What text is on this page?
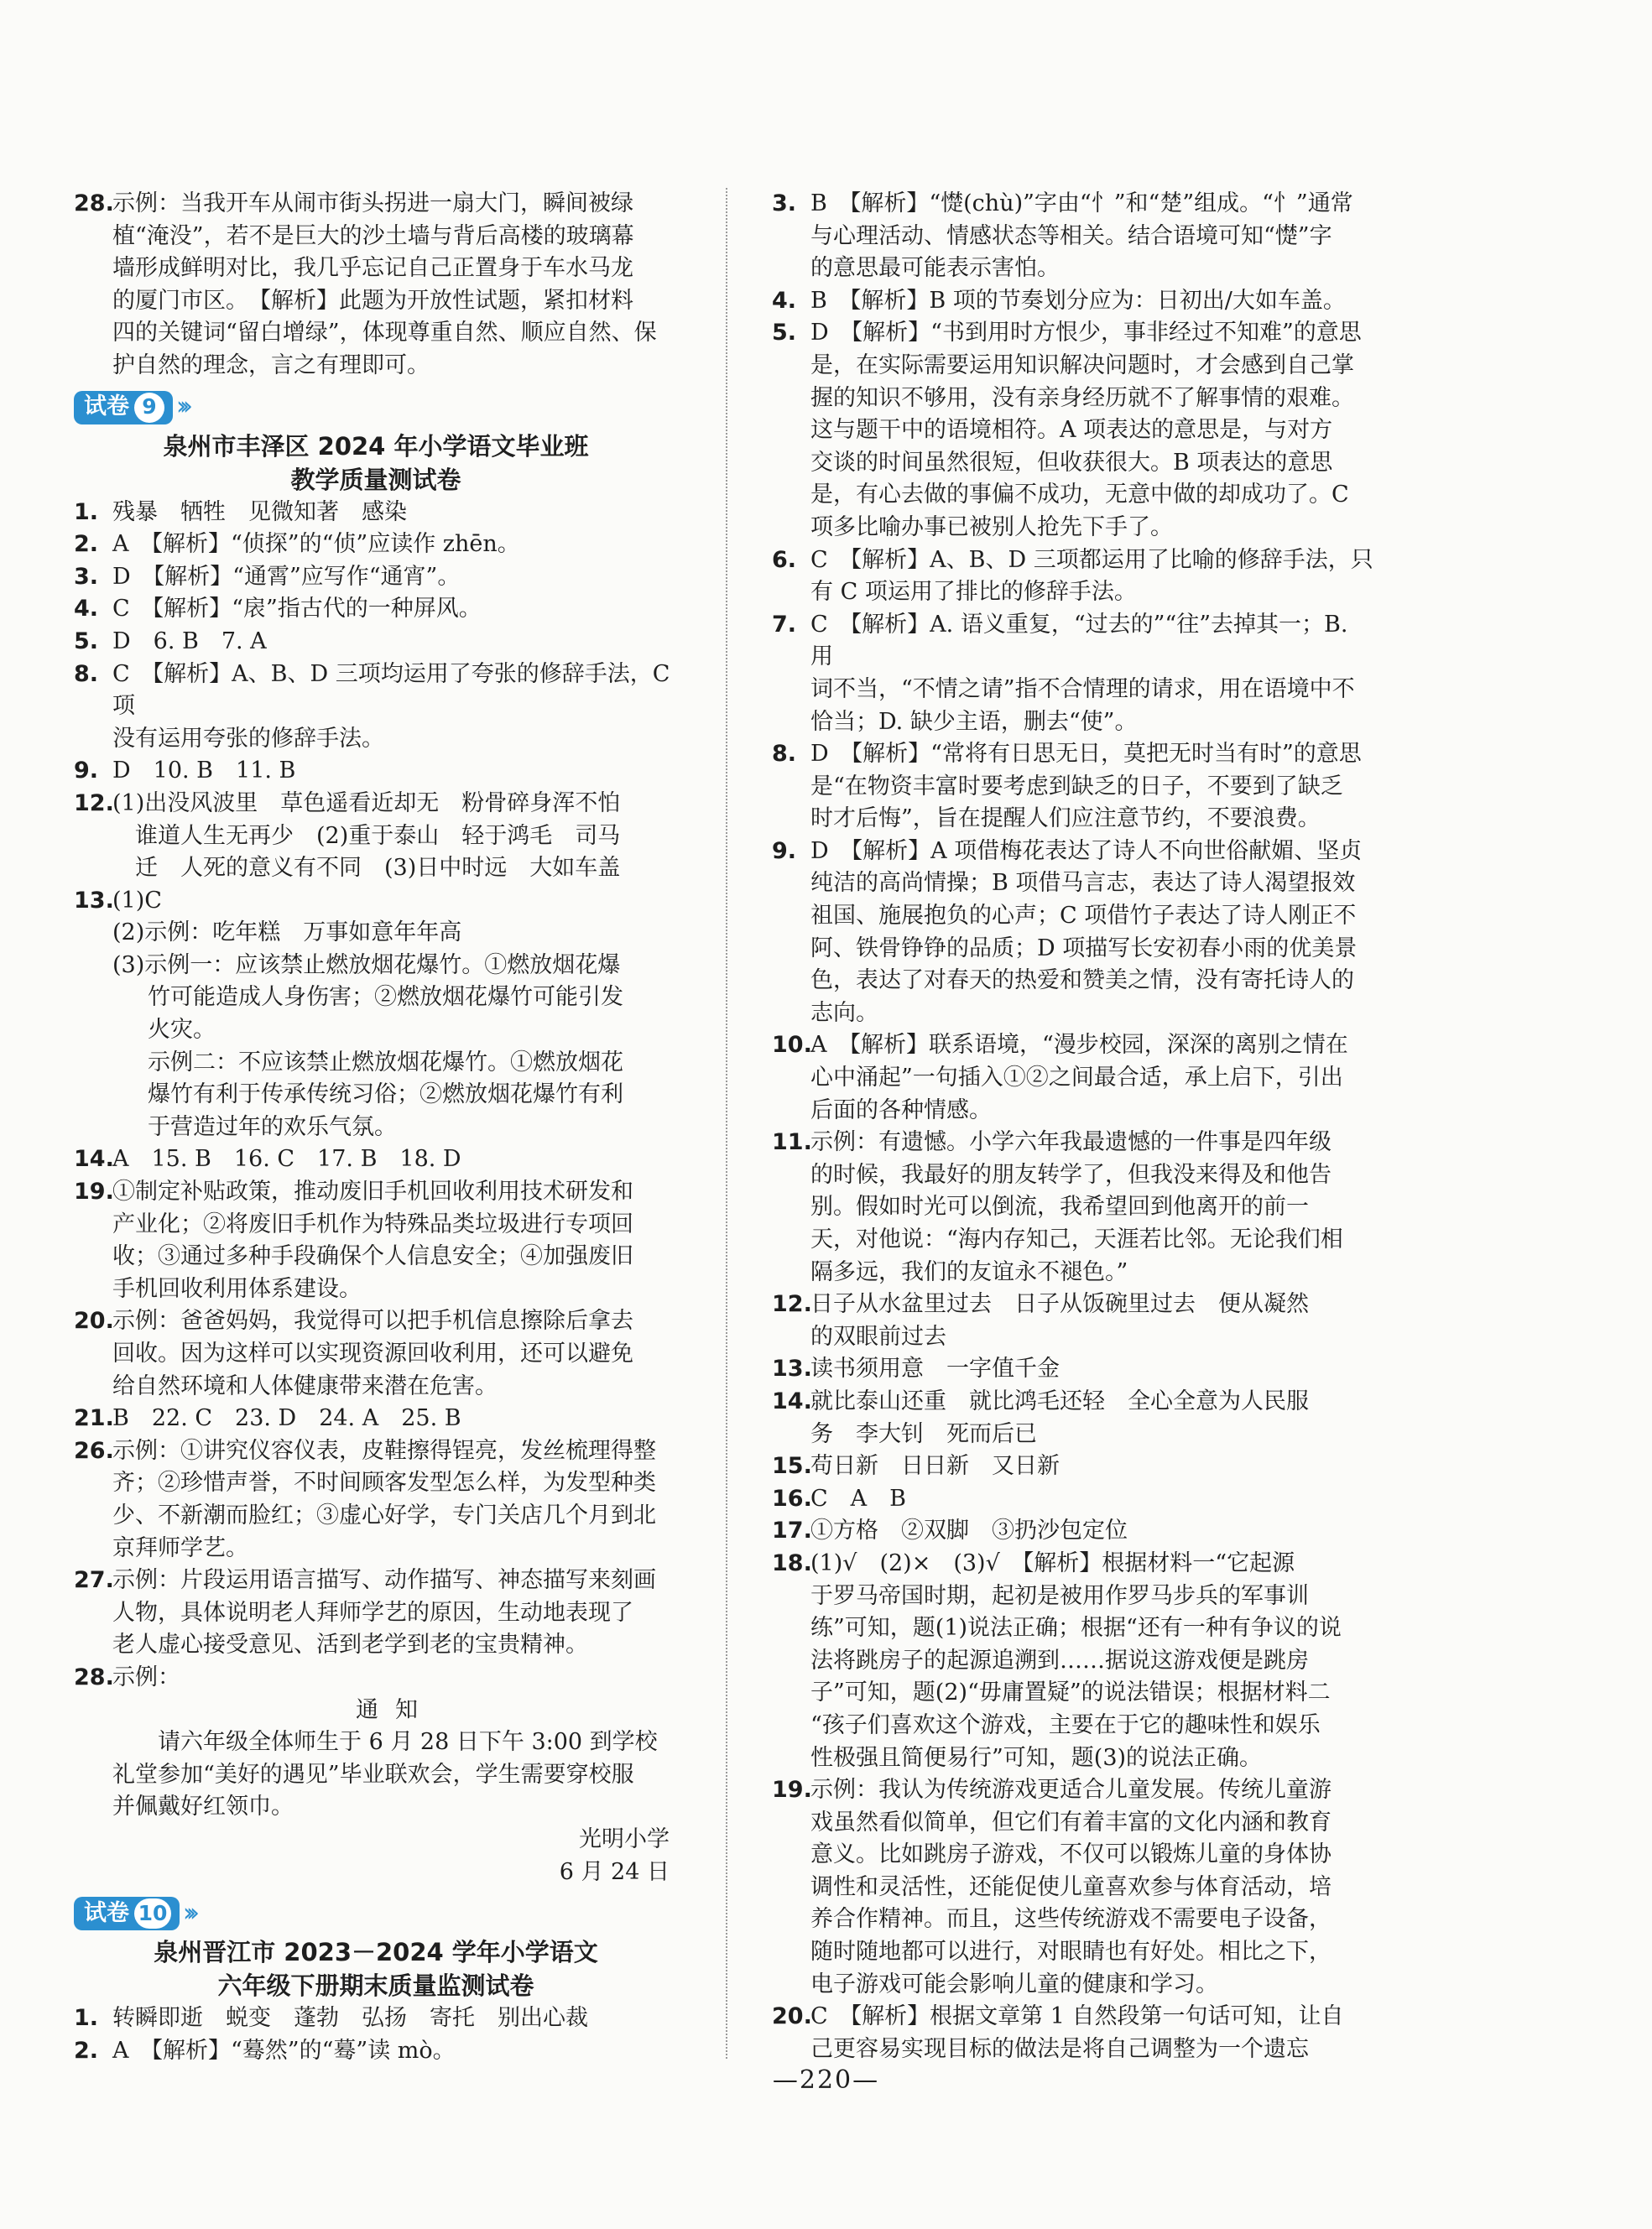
28.

示例：当我开车从闹市街头拐进一扇大门，瞬间被绿

植“淹没”，若不是巨大的沙土墙与背后高楼的玻璃幕

墙形成鲜明对比，我几乎忘记自己正置身于车水马龙

的厦门市区。　【解析】此题为开放性试题，紧扣材料

四的关键词“留白增绿”，体现尊重自然、顺应自然、保

护自然的理念，言之有理即可。

试卷 9 ›››

泉州市丰泽区 2024 年小学语文毕业班

教学质量测试卷

1. 残暴　牺牲　见微知著　感染

2. A　【解析】“侦探”的“侦”应读作 zhēn。

3. D　【解析】“通霄”应写作“通宵”。

4. C　【解析】“扆”指古代的一种屏风。

5. D　6. B　7. A

8. C　【解析】A、B、D 三项均运用了夸张的修辞手法，C 项

没有运用夸张的修辞手法。

9. D　10. B　11. B

12.

(1)出没风波里　草色遥看近却无　粉骨碎身浑不怕

　谁道人生无再少　(2)重于泰山　轻于鸿毛　司马

　迁　人死的意义有不同　(3)日中时远　大如车盖

13.

(1)C

(2)示例：吃年糕　万事如意年年高

(3)示例一：应该禁止燃放烟花爆竹。①燃放烟花爆

竹可能造成人身伤害；②燃放烟花爆竹可能引发

火灾。

示例二：不应该禁止燃放烟花爆竹。①燃放烟花

爆竹有利于传承传统习俗；②燃放烟花爆竹有利

于营造过年的欢乐气氛。

14.

A　15. B　16. C　17. B　18. D

19.

①制定补贴政策，推动废旧手机回收利用技术研发和

产业化；②将废旧手机作为特殊品类垃圾进行专项回

收；③通过多种手段确保个人信息安全；④加强废旧

手机回收利用体系建设。

20.

示例：爸爸妈妈，我觉得可以把手机信息擦除后拿去

回收。因为这样可以实现资源回收利用，还可以避免

给自然环境和人体健康带来潜在危害。

21.

B　22. C　23. D　24. A　25. B

26.

示例：①讲究仪容仪表，皮鞋擦得锃亮，发丝梳理得整

齐；②珍惜声誉，不时间顾客发型怎么样，为发型种类

少、不新潮而脸红；③虚心好学，专门关店几个月到北

京拜师学艺。

27.

示例：片段运用语言描写、动作描写、神态描写来刻画

人物，具体说明老人拜师学艺的原因，生动地表现了

老人虚心接受意见、活到老学到老的宝贵精神。

28.

示例：

通知

请六年级全体师生于 6 月 28 日下午 3:00 到学校

礼堂参加“美好的遇见”毕业联欢会，学生需要穿校服

并佩戴好红领巾。

光明小学

6 月 24 日

试卷 10 ›››

泉州晋江市 2023－2024 学年小学语文

六年级下册期末质量监测试卷

1. 转瞬即逝　蜕变　蓬勃　弘扬　寄托　别出心裁

2. A　【解析】“蓦然”的“蓦”读 mò。

3. B　【解析】“憷(chù)”字由“忄”和“楚”组成。“忄”通常

与心理活动、情感状态等相关。结合语境可知“憷”字

的意思最可能表示害怕。

4. B　【解析】B 项的节奏划分应为：日初出/大如车盖。

5. D　【解析】“书到用时方恨少，事非经过不知难”的意思

是，在实际需要运用知识解决问题时，才会感到自己掌

握的知识不够用，没有亲身经历就不了解事情的艰难。

这与题干中的语境相符。A 项表达的意思是，与对方

交谈的时间虽然很短，但收获很大。B 项表达的意思

是，有心去做的事偏不成功，无意中做的却成功了。C

项多比喻办事已被别人抢先下手了。

6. C　【解析】A、B、D 三项都运用了比喻的修辞手法，只

有 C 项运用了排比的修辞手法。

7. C　【解析】A. 语义重复，“过去的”“往”去掉其一；B. 用

词不当，“不情之请”指不合情理的请求，用在语境中不

恰当；D. 缺少主语，删去“使”。

8. D　【解析】“常将有日思无日，莫把无时当有时”的意思

是“在物资丰富时要考虑到缺乏的日子，不要到了缺乏

时才后悔”，旨在提醒人们应注意节约，不要浪费。

9. D　【解析】A 项借梅花表达了诗人不向世俗献媚、坚贞

纯洁的高尚情操；B 项借马言志，表达了诗人渴望报效

祖国、施展抱负的心声；C 项借竹子表达了诗人刚正不

阿、铁骨铮铮的品质；D 项描写长安初春小雨的优美景

色，表达了对春天的热爱和赞美之情，没有寄托诗人的

志向。

10.

A　【解析】联系语境，“漫步校园，深深的离别之情在

心中涌起”一句插入①②之间最合适，承上启下，引出

后面的各种情感。

11.

示例：有遗憾。小学六年我最遗憾的一件事是四年级

的时候，我最好的朋友转学了，但我没来得及和他告

别。假如时光可以倒流，我希望回到他离开的前一

天，对他说：“海内存知己，天涯若比邻。无论我们相

隔多远，我们的友谊永不褪色。”

12.

日子从水盆里过去　日子从饭碗里过去　便从凝然

的双眼前过去

13.

读书须用意　一字值千金

14.

就比泰山还重　就比鸿毛还轻　全心全意为人民服

务　李大钊　死而后已

15.

苟日新　日日新　又日新

16.

C　A　B

17.

①方格　②双脚　③扔沙包定位

18.

(1)√　(2)×　(3)√　【解析】根据材料一“它起源

于罗马帝国时期，起初是被用作罗马步兵的军事训

练”可知，题(1)说法正确；根据“还有一种有争议的说

法将跳房子的起源追溯到……据说这游戏便是跳房

子”可知，题(2)“毋庸置疑”的说法错误；根据材料二

“孩子们喜欢这个游戏，主要在于它的趣味性和娱乐

性极强且简便易行”可知，题(3)的说法正确。

19.

示例：我认为传统游戏更适合儿童发展。传统儿童游

戏虽然看似简单，但它们有着丰富的文化内涵和教育

意义。比如跳房子游戏，不仅可以锻炼儿童的身体协

调性和灵活性，还能促使儿童喜欢参与体育活动，培

养合作精神。而且，这些传统游戏不需要电子设备，

随时随地都可以进行，对眼睛也有好处。相比之下，

电子游戏可能会影响儿童的健康和学习。

20.

C　【解析】根据文章第 1 自然段第一句话可知，让自

己更容易实现目标的做法是将自己调整为一个遗忘

—220—
